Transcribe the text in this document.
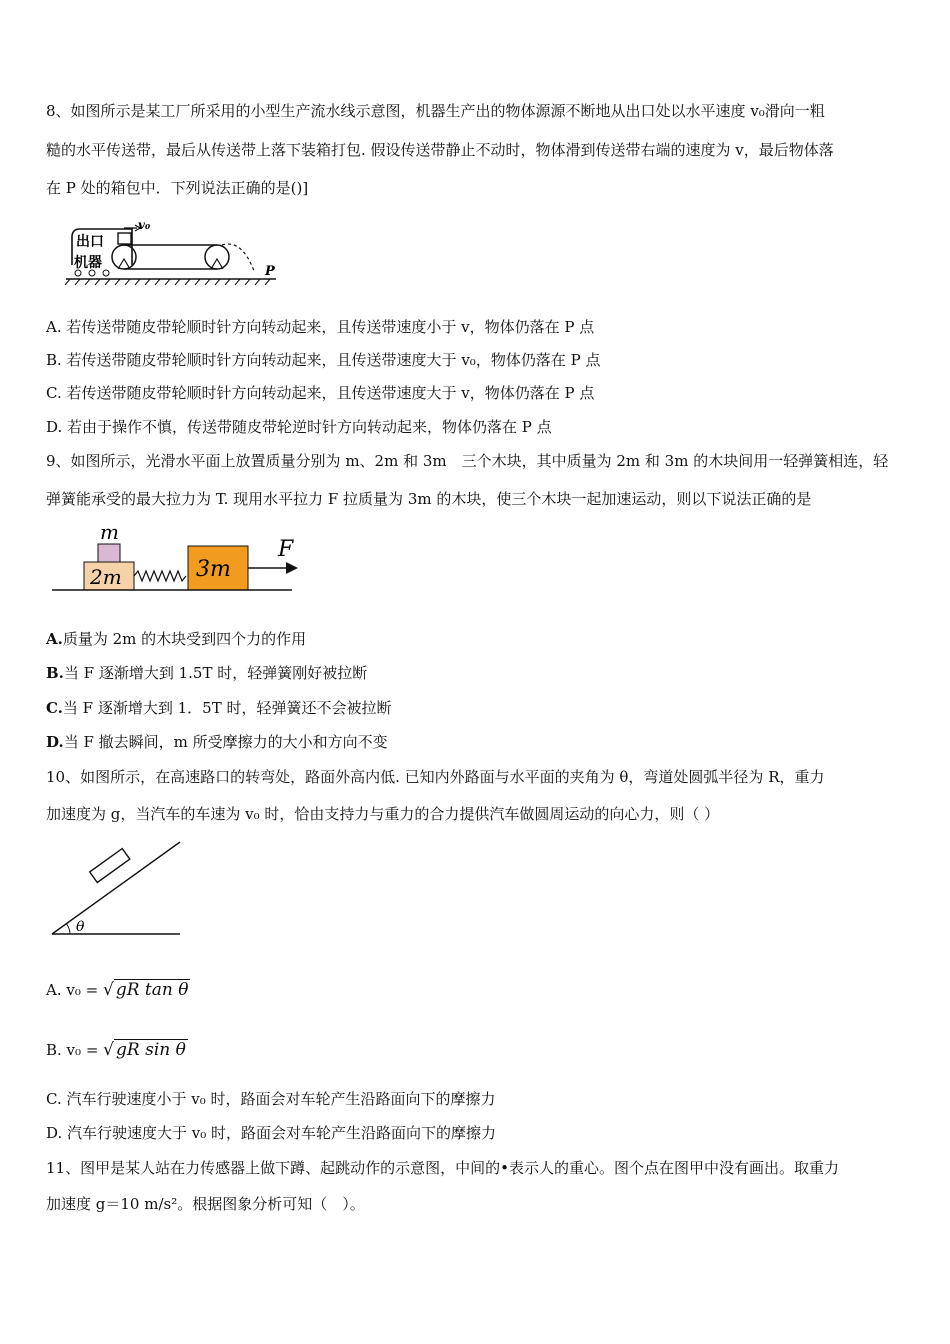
8、如图所示是某工厂所采用的小型生产流水线示意图，机器生产出的物体源源不断地从出口处以水平速度 v₀滑向一粗
糙的水平传送带，最后从传送带上落下装箱打包. 假设传送带静止不动时，物体滑到传送带右端的速度为 v，最后物体落
在 P 处的箱包中．下列说法正确的是()]
出口
机器
v₀
P
A. 若传送带随皮带轮顺时针方向转动起来，且传送带速度小于 v，物体仍落在 P 点
B. 若传送带随皮带轮顺时针方向转动起来，且传送带速度大于 v₀，物体仍落在 P 点
C. 若传送带随皮带轮顺时针方向转动起来，且传送带速度大于 v，物体仍落在 P 点
D. 若由于操作不慎，传送带随皮带轮逆时针方向转动起来，物体仍落在 P 点
9、如图所示，光滑水平面上放置质量分别为 m、2m 和 3m　三个木块，其中质量为 2m 和 3m 的木块间用一轻弹簧相连，轻
弹簧能承受的最大拉力为 T. 现用水平拉力 F 拉质量为 3m 的木块，使三个木块一起加速运动，则以下说法正确的是
m
2m	3m
F
A.质量为 2m 的木块受到四个力的作用
B.当 F 逐渐增大到 1.5T 时，轻弹簧刚好被拉断
C.当 F 逐渐增大到 1．5T 时，轻弹簧还不会被拉断
D.当 F 撤去瞬间，m 所受摩擦力的大小和方向不变
10、如图所示，在高速路口的转弯处，路面外高内低. 已知内外路面与水平面的夹角为 θ，弯道处圆弧半径为 R，重力
加速度为 g，当汽车的车速为 v₀ 时，恰由支持力与重力的合力提供汽车做圆周运动的向心力，则（ ）
θ
A. v₀ = √ gR tan θ
B. v₀ = √ gR sin θ
C. 汽车行驶速度小于 v₀ 时，路面会对车轮产生沿路面向下的摩擦力
D. 汽车行驶速度大于 v₀ 时，路面会对车轮产生沿路面向下的摩擦力
11、图甲是某人站在力传感器上做下蹲、起跳动作的示意图，中间的•表示人的重心。图个点在图甲中没有画出。取重力
加速度 g＝10 m/s²。根据图象分析可知（　）。
